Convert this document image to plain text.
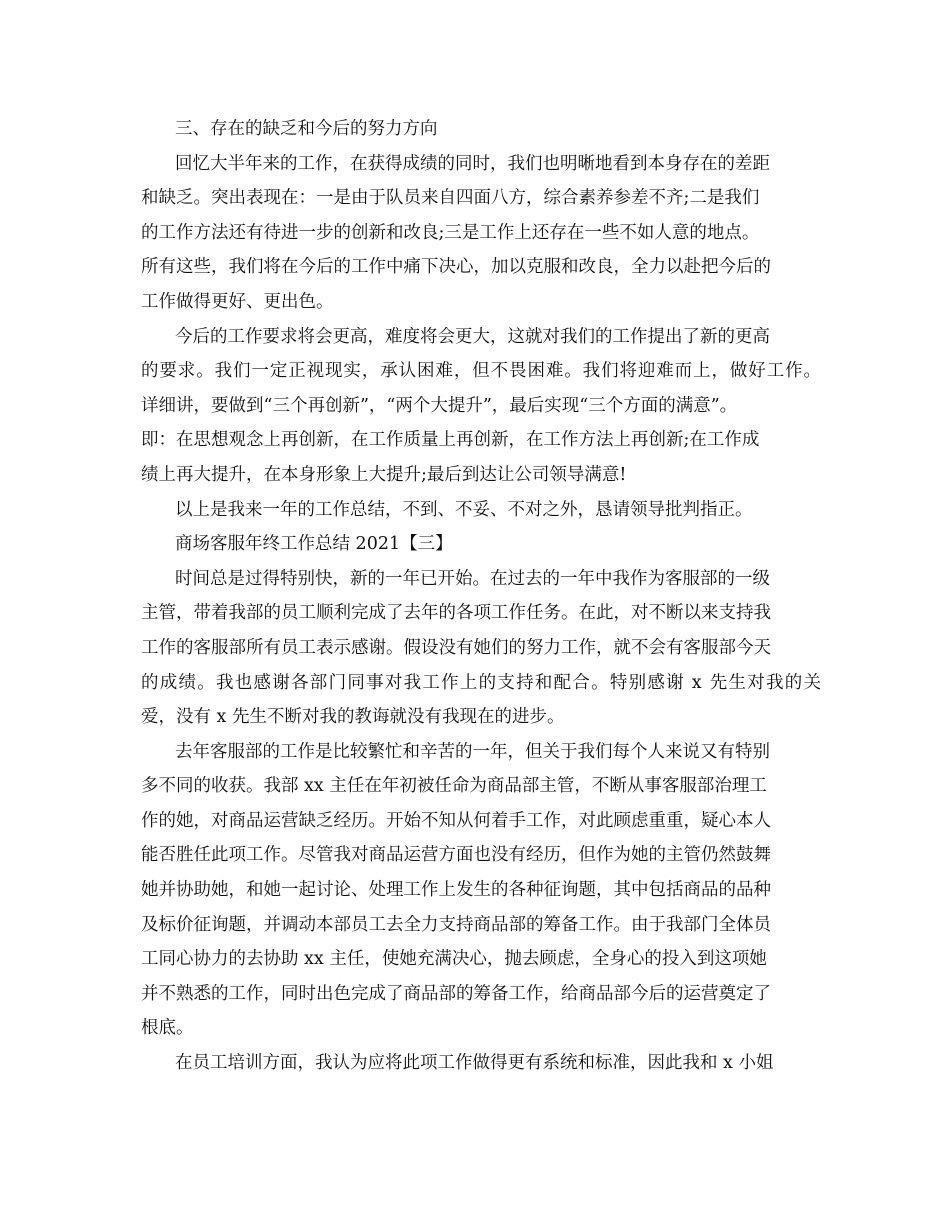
三、存在的缺乏和今后的努力方向
回忆大半年来的工作，在获得成绩的同时，我们也明晰地看到本身存在的差距
和缺乏。突出表现在：一是由于队员来自四面八方，综合素养参差不齐;二是我们
的工作方法还有待进一步的创新和改良;三是工作上还存在一些不如人意的地点。
所有这些，我们将在今后的工作中痛下决心，加以克服和改良，全力以赴把今后的
工作做得更好、更出色。
今后的工作要求将会更高，难度将会更大，这就对我们的工作提出了新的更高
的要求。我们一定正视现实，承认困难，但不畏困难。我们将迎难而上，做好工作。
详细讲，要做到“三个再创新”，“两个大提升”，最后实现“三个方面的满意”。
即：在思想观念上再创新，在工作质量上再创新，在工作方法上再创新;在工作成
绩上再大提升，在本身形象上大提升;最后到达让公司领导满意!
以上是我来一年的工作总结，不到、不妥、不对之外，恳请领导批判指正。
商场客服年终工作总结 2021【三】
时间总是过得特别快，新的一年已开始。在过去的一年中我作为客服部的一级
主管，带着我部的员工顺利完成了去年的各项工作任务。在此，对不断以来支持我
工作的客服部所有员工表示感谢。假设没有她们的努力工作，就不会有客服部今天
的成绩。我也感谢各部门同事对我工作上的支持和配合。特别感谢 x 先生对我的关
爱，没有 x 先生不断对我的教诲就没有我现在的进步。
去年客服部的工作是比较繁忙和辛苦的一年，但关于我们每个人来说又有特别
多不同的收获。我部 xx 主任在年初被任命为商品部主管，不断从事客服部治理工
作的她，对商品运营缺乏经历。开始不知从何着手工作，对此顾虑重重，疑心本人
能否胜任此项工作。尽管我对商品运营方面也没有经历，但作为她的主管仍然鼓舞
她并协助她，和她一起讨论、处理工作上发生的各种征询题，其中包括商品的品种
及标价征询题，并调动本部员工去全力支持商品部的筹备工作。由于我部门全体员
工同心协力的去协助 xx 主任，使她充满决心，抛去顾虑，全身心的投入到这项她
并不熟悉的工作，同时出色完成了商品部的筹备工作，给商品部今后的运营奠定了
根底。
在员工培训方面，我认为应将此项工作做得更有系统和标准，因此我和 x 小姐
